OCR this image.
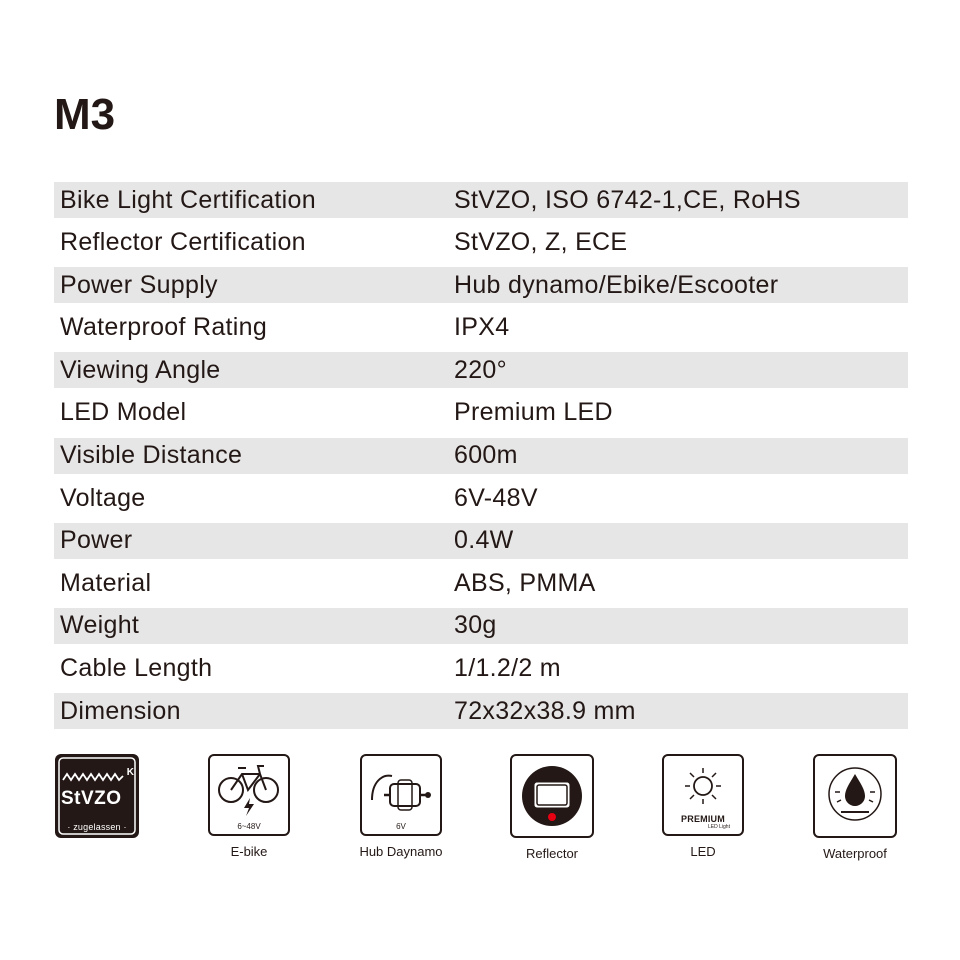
M3
Bike Light Certification	StVZO, ISO 6742-1,CE, RoHS
Reflector Certification	StVZO, Z, ECE
Power Supply	Hub dynamo/Ebike/Escooter
Waterproof Rating	IPX4
Viewing Angle	220°
LED Model	Premium LED
Visible Distance	600m
Voltage	6V-48V
Power	0.4W
Material	ABS, PMMA
Weight	30g
Cable Length	1/1.2/2 m
Dimension	72x32x38.9 mm
K
StVZO
· zugelassen ·	6~48V
E-bike
6V
Hub Daynamo	Reflector
PREMIUM
LED Light
LED	Waterproof
